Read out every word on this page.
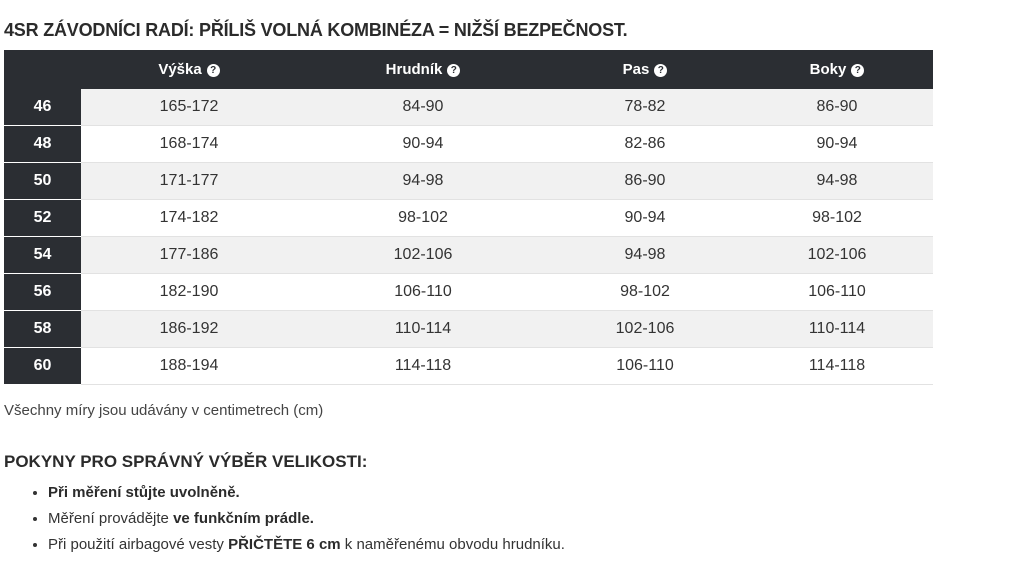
4SR ZÁVODNÍCI RADÍ: PŘÍLIŠ VOLNÁ KOMBINÉZA = NIŽŠÍ BEZPEČNOST.
	Výška ?	Hrudník ?	Pas ?	Boky ?
46	165-172	84-90	78-82	86-90
48	168-174	90-94	82-86	90-94
50	171-177	94-98	86-90	94-98
52	174-182	98-102	90-94	98-102
54	177-186	102-106	94-98	102-106
56	182-190	106-110	98-102	106-110
58	186-192	110-114	102-106	110-114
60	188-194	114-118	106-110	114-118
Všechny míry jsou udávány v centimetrech (cm)
POKYNY PRO SPRÁVNÝ VÝBĚR VELIKOSTI:
• Při měření stůjte uvolněně.
• Měření provádějte ve funkčním prádle.
• Při použití airbagové vesty PŘIČTĚTE 6 cm k naměřenému obvodu hrudníku.
